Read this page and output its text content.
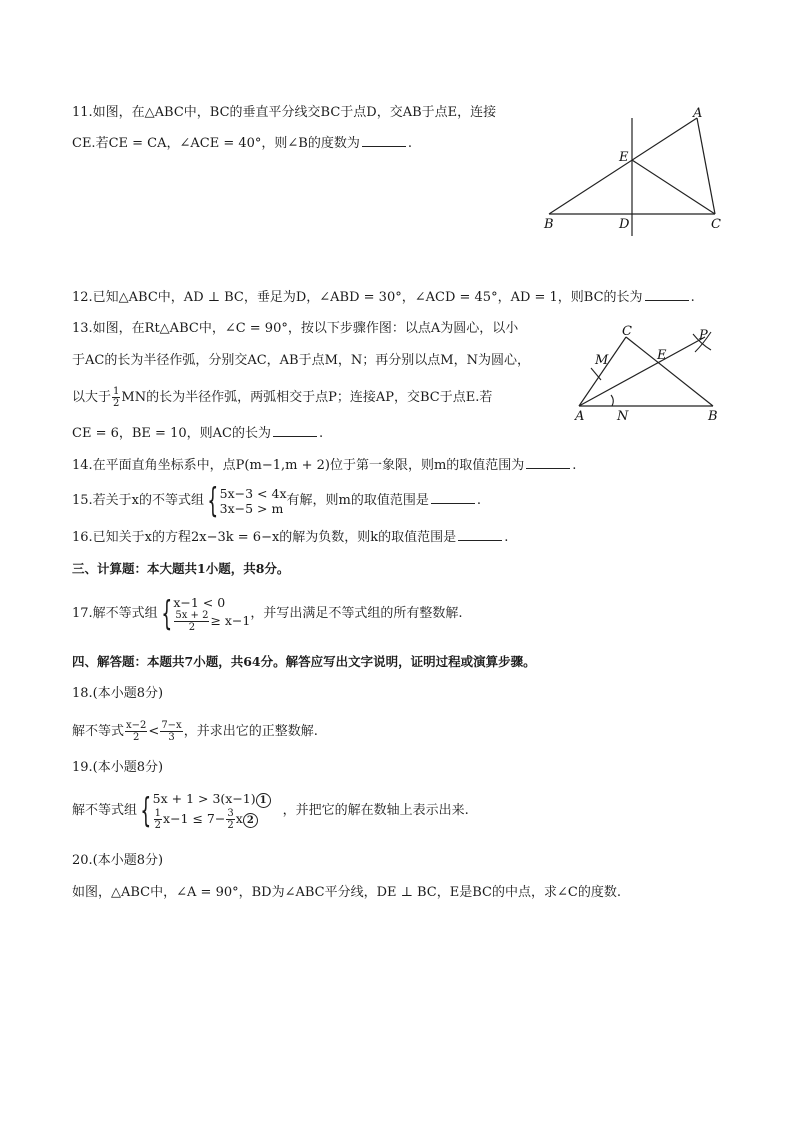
11.如图，在△ABC中，BC的垂直平分线交BC于点D，交AB于点E，连接
CE.若CE = CA，∠ACE = 40°，则∠B的度数为	.
A
B	C
D
E
12.已知△ABC中，AD ⊥ BC，垂足为D，∠ABD = 30°，∠ACD = 45°，AD = 1，则BC的长为	.
13.如图，在Rt△ABC中，∠C = 90°，按以下步骤作图：以点A为圆心，以小
于AC的长为半径作弧，分别交AC，AB于点M，N；再分别以点M，N为圆心，
以大于 $\frac{1}{2}$ MN的长为半径作弧，两弧相交于点P；连接AP，交BC于点E.若
CE = 6，BE = 10，则AC的长为	.
A	B
C
E
M
N
P
14.在平面直角坐标系中，点P(m−1,m + 2)位于第一象限，则m的取值范围为	.
15.若关于x的不等式组 { 5x−3 < 4x
3x−5 > m 有解，则m的取值范围是	.
16.已知关于x的方程2x−3k = 6−x的解为负数，则k的取值范围是	.
三、计算题：本大题共1小题，共8分。
17.解不等式组 { x−1 < 0
$\frac{5x + 2}{2} \ge x-1$ ，并写出满足不等式组的所有整数解.
四、解答题：本题共7小题，共64分。解答应写出文字说明，证明过程或演算步骤。
18.(本小题8分)
解不等式 $\frac{x-2}{2} < \frac{7-x}{3}$ ，并求出它的正整数解.
19.(本小题8分)
解不等式组 { 5x + 1 > 3(x−1) 1
$\frac{1}{2} x-1 \le 7- \frac{3}{2}$ x 2
，并把它的解在数轴上表示出来.
20.(本小题8分)
如图，△ABC中，∠A = 90°，BD为∠ABC平分线，DE ⊥ BC，E是BC的中点，求∠C的度数.
